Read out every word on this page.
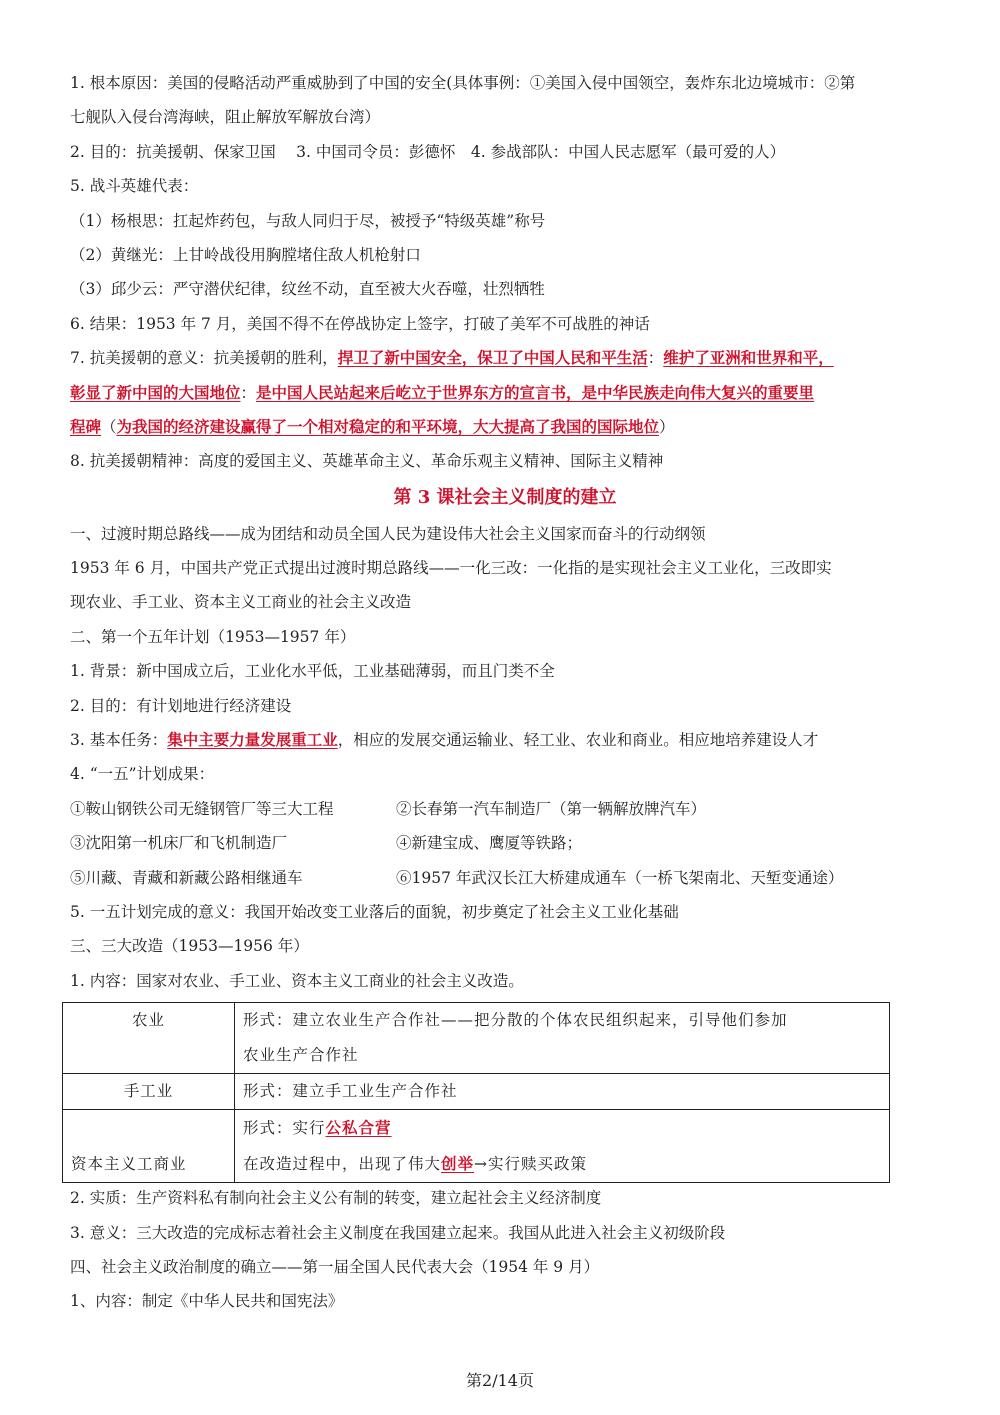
1. 根本原因：美国的侵略活动严重威胁到了中国的安全(具体事例：①美国入侵中国领空，轰炸东北边境城市：②第
七舰队入侵台湾海峡，阻止解放军解放台湾）
2. 目的：抗美援朝、保家卫国　 3. 中国司令员：彭德怀　4. 参战部队：中国人民志愿军（最可爱的人）
5. 战斗英雄代表：
（1）杨根思：扛起炸药包，与敌人同归于尽，被授予“特级英雄”称号
（2）黄继光：上甘岭战役用胸膛堵住敌人机枪射口
（3）邱少云：严守潜伏纪律，纹丝不动，直至被大火吞噬，壮烈牺牲
6. 结果：1953 年 7 月，美国不得不在停战协定上签字，打破了美军不可战胜的神话
7. 抗美援朝的意义：抗美援朝的胜利，捍卫了新中国安全，保卫了中国人民和平生活：维护了亚洲和世界和平，
彰显了新中国的大国地位：是中国人民站起来后屹立于世界东方的宣言书，是中华民族走向伟大复兴的重要里
程碑（为我国的经济建设赢得了一个相对稳定的和平环境，大大提高了我国的国际地位）
8. 抗美援朝精神：高度的爱国主义、英雄革命主义、革命乐观主义精神、国际主义精神
第 3 课社会主义制度的建立
一、过渡时期总路线——成为团结和动员全国人民为建设伟大社会主义国家而奋斗的行动纲领
1953 年 6 月，中国共产党正式提出过渡时期总路线——一化三改：一化指的是实现社会主义工业化，三改即实
现农业、手工业、资本主义工商业的社会主义改造
二、第一个五年计划（1953—1957 年）
1. 背景：新中国成立后，工业化水平低，工业基础薄弱，而且门类不全
2. 目的：有计划地进行经济建设
3. 基本任务：集中主要力量发展重工业，相应的发展交通运输业、轻工业、农业和商业。相应地培养建设人才
4. “一五”计划成果：
①鞍山钢铁公司无缝钢管厂等三大工程	②长春第一汽车制造厂（第一辆解放牌汽车）
③沈阳第一机床厂和飞机制造厂	④新建宝成、鹰厦等铁路；
⑤川藏、青藏和新藏公路相继通车	⑥1957 年武汉长江大桥建成通车（一桥飞架南北、天堑变通途）
5. 一五计划完成的意义：我国开始改变工业落后的面貌，初步奠定了社会主义工业化基础
三、三大改造（1953—1956 年）
1. 内容：国家对农业、手工业、资本主义工商业的社会主义改造。
农业	形式：建立农业生产合作社——把分散的个体农民组织起来，引导他们参加
农业生产合作社

手工业	形式：建立手工业生产合作社

资本主义工商业	形式：实行公私合营
在改造过程中，出现了伟大创举→实行赎买政策
2. 实质：生产资料私有制向社会主义公有制的转变，建立起社会主义经济制度
3. 意义：三大改造的完成标志着社会主义制度在我国建立起来。我国从此进入社会主义初级阶段
四、社会主义政治制度的确立——第一届全国人民代表大会（1954 年 9 月）
1、内容：制定《中华人民共和国宪法》
第2/14页
